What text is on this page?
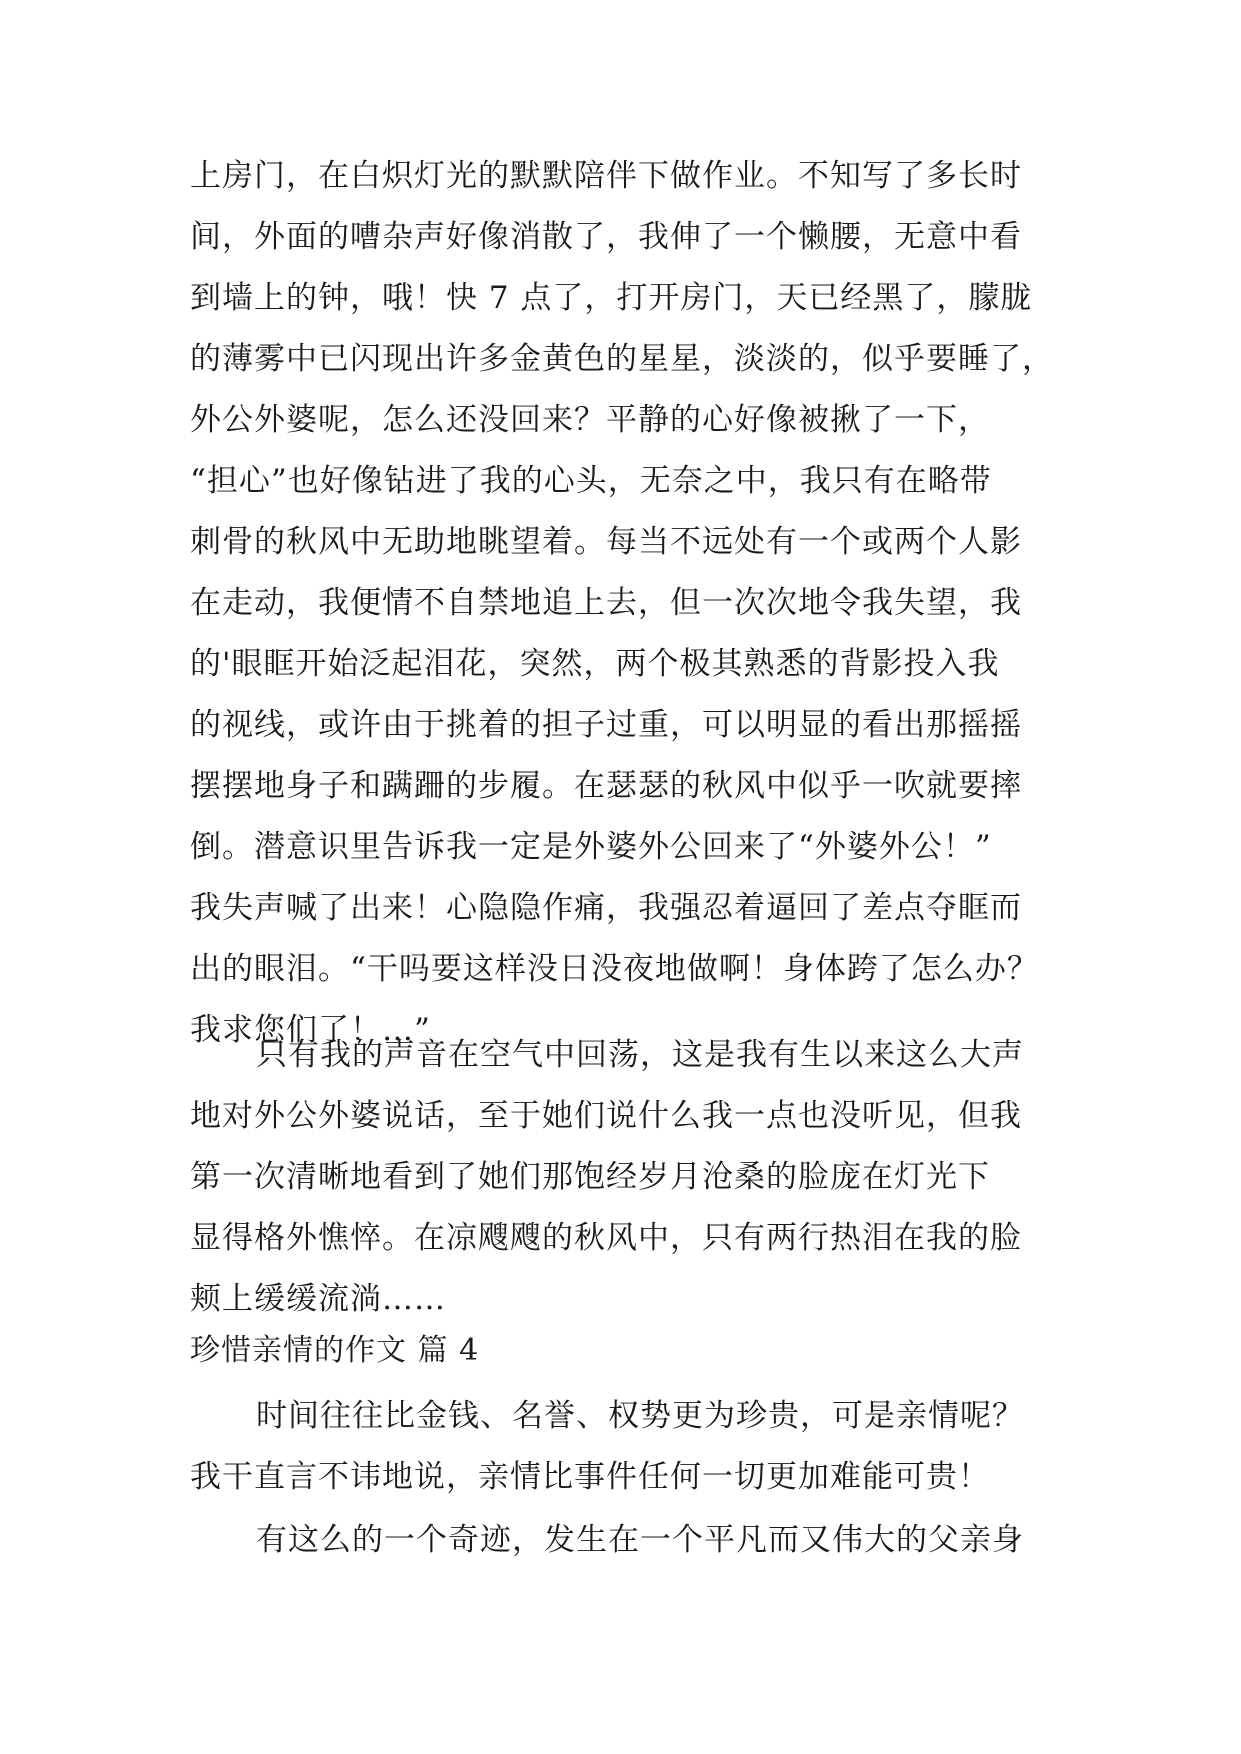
上房门，在白炽灯光的默默陪伴下做作业。不知写了多长时
间，外面的嘈杂声好像消散了，我伸了一个懒腰，无意中看
到墙上的钟，哦！快 7 点了，打开房门，天已经黑了，朦胧
的薄雾中已闪现出许多金黄色的星星，淡淡的，似乎要睡了，
外公外婆呢，怎么还没回来？平静的心好像被揪了一下，
“担心”也好像钻进了我的心头，无奈之中，我只有在略带
刺骨的秋风中无助地眺望着。每当不远处有一个或两个人影
在走动，我便情不自禁地追上去，但一次次地令我失望，我
的'眼眶开始泛起泪花，突然，两个极其熟悉的背影投入我
的视线，或许由于挑着的担子过重，可以明显的看出那摇摇
摆摆地身子和蹒跚的步履。在瑟瑟的秋风中似乎一吹就要摔
倒。潜意识里告诉我一定是外婆外公回来了“外婆外公！”
我失声喊了出来！心隐隐作痛，我强忍着逼回了差点夺眶而
出的眼泪。“干吗要这样没日没夜地做啊！身体跨了怎么办？
我求您们了！…”
只有我的声音在空气中回荡，这是我有生以来这么大声
地对外公外婆说话，至于她们说什么我一点也没听见，但我
第一次清晰地看到了她们那饱经岁月沧桑的脸庞在灯光下
显得格外憔悴。在凉飕飕的秋风中，只有两行热泪在我的脸
颊上缓缓流淌……
珍惜亲情的作文 篇 4
时间往往比金钱、名誉、权势更为珍贵，可是亲情呢？
我干直言不讳地说，亲情比事件任何一切更加难能可贵！
有这么的一个奇迹，发生在一个平凡而又伟大的父亲身
